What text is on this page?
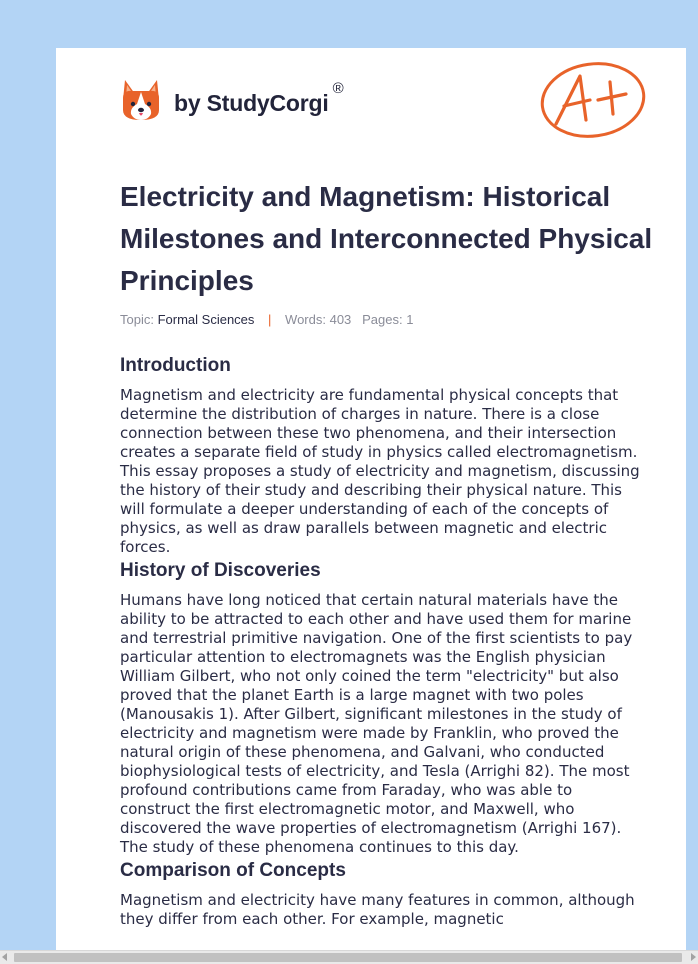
by StudyCorgi
®
Electricity and Magnetism: Historical Milestones and Interconnected Physical Principles
Topic: Formal Sciences | Words: 403 Pages: 1
Introduction

Magnetism and electricity are fundamental physical concepts that determine the distribution of charges in nature. There is a close connection between these two phenomena, and their intersection creates a separate field of study in physics called electromagnetism. This essay proposes a study of electricity and magnetism, discussing the history of their study and describing their physical nature. This will formulate a deeper understanding of each of the concepts of physics, as well as draw parallels between magnetic and electric forces.

History of Discoveries

Humans have long noticed that certain natural materials have the ability to be attracted to each other and have used them for marine and terrestrial primitive navigation. One of the first scientists to pay particular attention to electromagnets was the English physician William Gilbert, who not only coined the term "electricity" but also proved that the planet Earth is a large magnet with two poles (Manousakis 1). After Gilbert, significant milestones in the study of electricity and magnetism were made by Franklin, who proved the natural origin of these phenomena, and Galvani, who conducted biophysiological tests of electricity, and Tesla (Arrighi 82). The most profound contributions came from Faraday, who was able to construct the first electromagnetic motor, and Maxwell, who discovered the wave properties of electromagnetism (Arrighi 167). The study of these phenomena continues to this day.

Comparison of Concepts

Magnetism and electricity have many features in common, although they differ from each other. For example, magnetic
